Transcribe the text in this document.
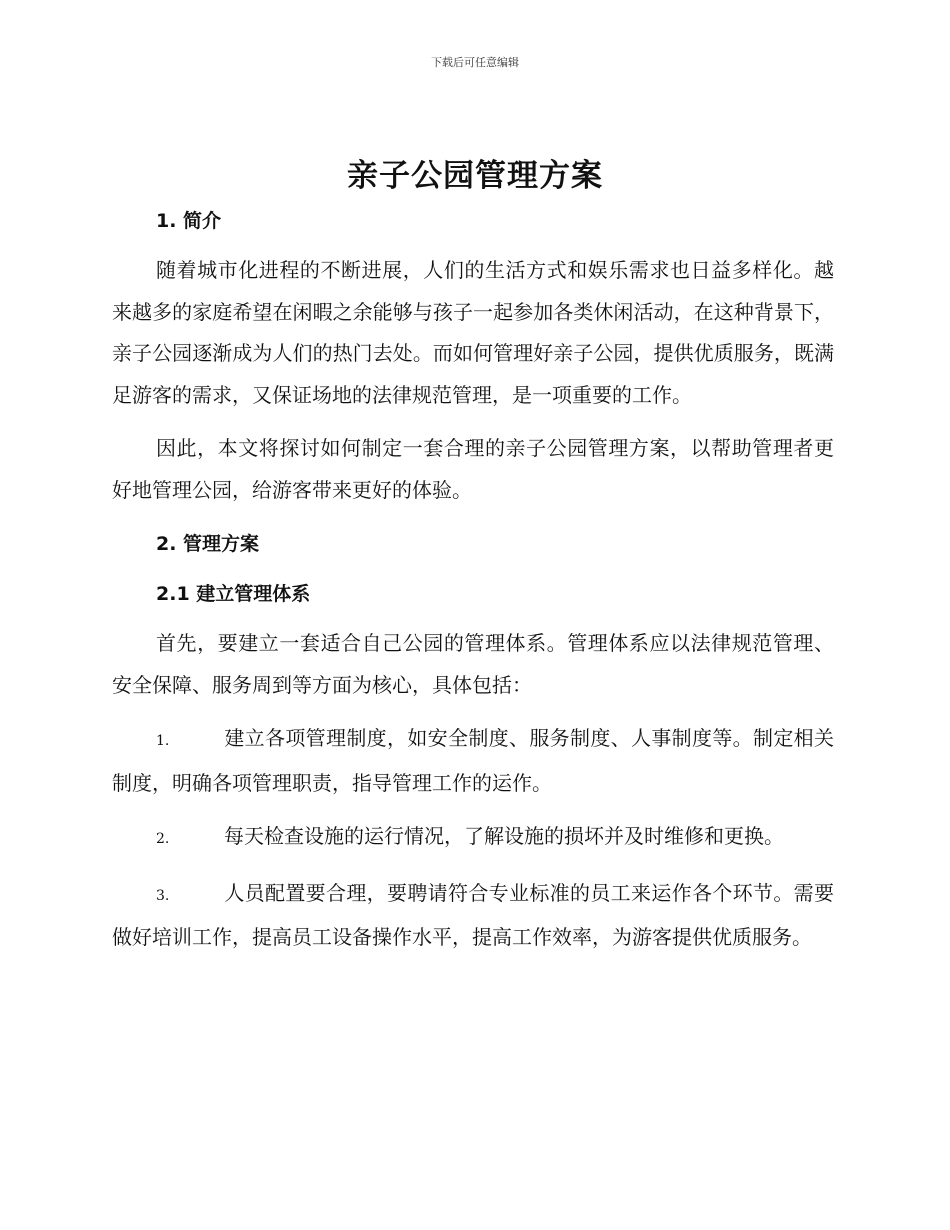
下载后可任意编辑
亲子公园管理方案
1. 简介

随着城市化进程的不断进展，人们的生活方式和娱乐需求也日益多样化。越来越多的家庭希望在闲暇之余能够与孩子一起参加各类休闲活动，在这种背景下，亲子公园逐渐成为人们的热门去处。而如何管理好亲子公园，提供优质服务，既满足游客的需求，又保证场地的法律规范管理，是一项重要的工作。

因此，本文将探讨如何制定一套合理的亲子公园管理方案，以帮助管理者更好地管理公园，给游客带来更好的体验。

2. 管理方案
2.1 建立管理体系

首先，要建立一套适合自己公园的管理体系。管理体系应以法律规范管理、安全保障、服务周到等方面为核心，具体包括：

1.	建立各项管理制度，如安全制度、服务制度、人事制度等。制定相关制度，明确各项管理职责，指导管理工作的运作。

2.	每天检查设施的运行情况，了解设施的损坏并及时维修和更换。

3.	人员配置要合理，要聘请符合专业标准的员工来运作各个环节。需要做好培训工作，提高员工设备操作水平，提高工作效率，为游客提供优质服务。
